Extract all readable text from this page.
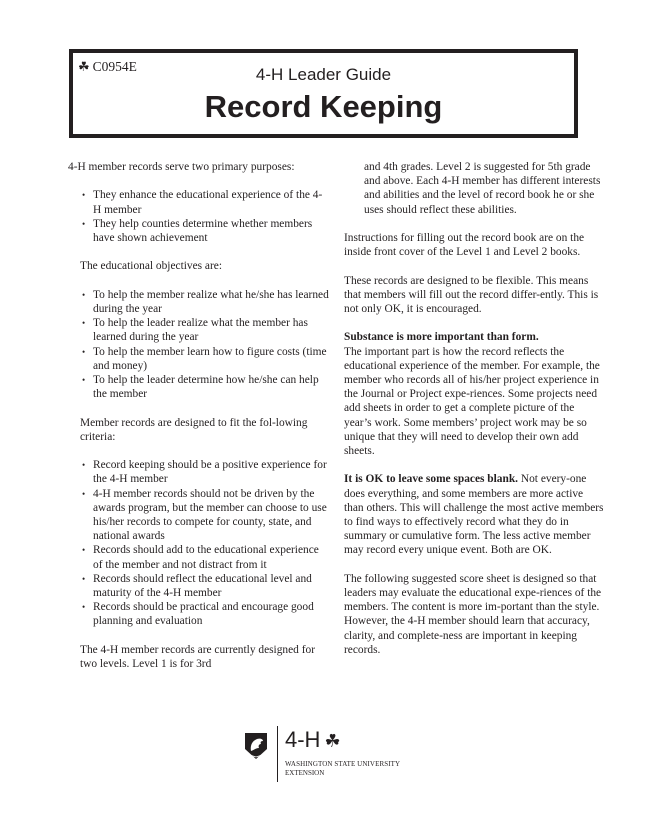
☘ C0954E	4-H Leader Guide
Record Keeping

4-H member records serve two primary purposes:

• They enhance the educational experience of the 4-H member
• They help counties determine whether members have shown achievement

The educational objectives are:

• To help the member realize what he/she has learned during the year
• To help the leader realize what the member has learned during the year
• To help the member learn how to figure costs (time and money)
• To help the leader determine how he/she can help the member

Member records are designed to fit the fol-lowing criteria:

• Record keeping should be a positive experience for the 4-H member
• 4-H member records should not be driven by the awards program, but the member can choose to use his/her records to compete for county, state, and national awards
• Records should add to the educational experience of the member and not distract from it
• Records should reflect the educational level and maturity of the 4-H member
• Records should be practical and encourage good planning and evaluation

The 4-H member records are currently designed for two levels. Level 1 is for 3rd

and 4th grades. Level 2 is suggested for 5th grade and above. Each 4-H member has different interests and abilities and the level of record book he or she uses should reflect these abilities.

Instructions for filling out the record book are on the inside front cover of the Level 1 and Level 2 books.

These records are designed to be flexible. This means that members will fill out the record differ-ently. This is not only OK, it is encouraged.

Substance is more important than form.
The important part is how the record reflects the educational experience of the member. For example, the member who records all of his/her project experience in the Journal or Project expe-riences. Some projects need add sheets in order to get a complete picture of the year’s work. Some members’ project work may be so unique that they will need to develop their own add sheets.

It is OK to leave some spaces blank. Not every-one does everything, and some members are more active than others. This will challenge the most active members to find ways to effectively record what they do in summary or cumulative form. The less active member may record every unique event. Both are OK.

The following suggested score sheet is designed so that leaders may evaluate the educational expe-riences of the members. The content is more im-portant than the style. However, the 4-H member should learn that accuracy, clarity, and complete-ness are important in keeping records.

4-H ☘
WASHINGTON STATE UNIVERSITY
EXTENSION
